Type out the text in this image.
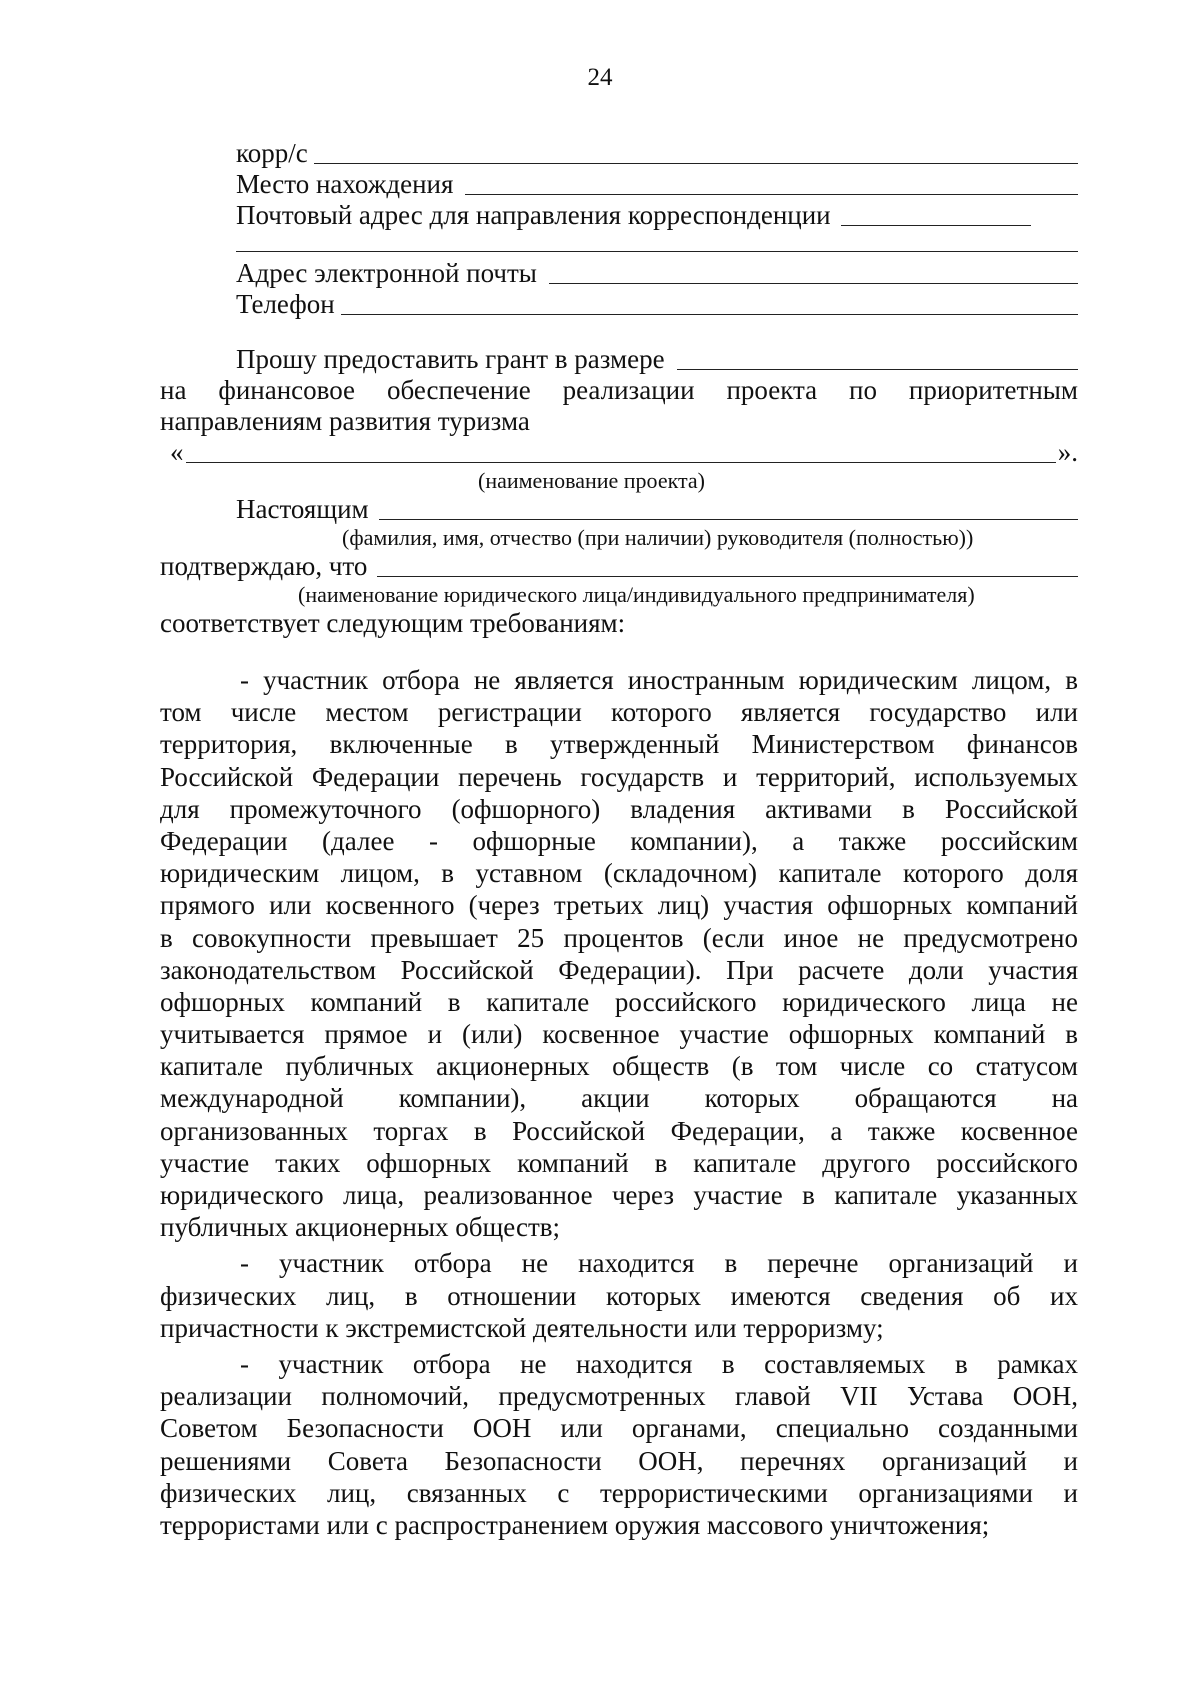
24
корр/с
Место нахождения
Почтовый адрес для направления корреспонденции
Адрес электронной почты
Телефон
Прошу предоставить грант в размере
на финансовое обеспечение реализации проекта по приоритетным
направлениям развития туризма
«	».
(наименование проекта)
Настоящим
(фамилия, имя, отчество (при наличии) руководителя (полностью))
подтверждаю, что
(наименование юридического лица/индивидуального предпринимателя)
соответствует следующим требованиям:
- участник отбора не является иностранным юридическим лицом, в
том числе местом регистрации которого является государство или
территория, включенные в утвержденный Министерством финансов
Российской Федерации перечень государств и территорий, используемых
для промежуточного (офшорного) владения активами в Российской
Федерации (далее - офшорные компании), а также российским
юридическим лицом, в уставном (складочном) капитале которого доля
прямого или косвенного (через третьих лиц) участия офшорных компаний
в совокупности превышает 25 процентов (если иное не предусмотрено
законодательством Российской Федерации). При расчете доли участия
офшорных компаний в капитале российского юридического лица не
учитывается прямое и (или) косвенное участие офшорных компаний в
капитале публичных акционерных обществ (в том числе со статусом
международной компании), акции которых обращаются на
организованных торгах в Российской Федерации, а также косвенное
участие таких офшорных компаний в капитале другого российского
юридического лица, реализованное через участие в капитале указанных
публичных акционерных обществ;
- участник отбора не находится в перечне организаций и
физических лиц, в отношении которых имеются сведения об их
причастности к экстремистской деятельности или терроризму;
- участник отбора не находится в составляемых в рамках
реализации полномочий, предусмотренных главой VII Устава ООН,
Советом Безопасности ООН или органами, специально созданными
решениями Совета Безопасности ООН, перечнях организаций и
физических лиц, связанных с террористическими организациями и
террористами или с распространением оружия массового уничтожения;
